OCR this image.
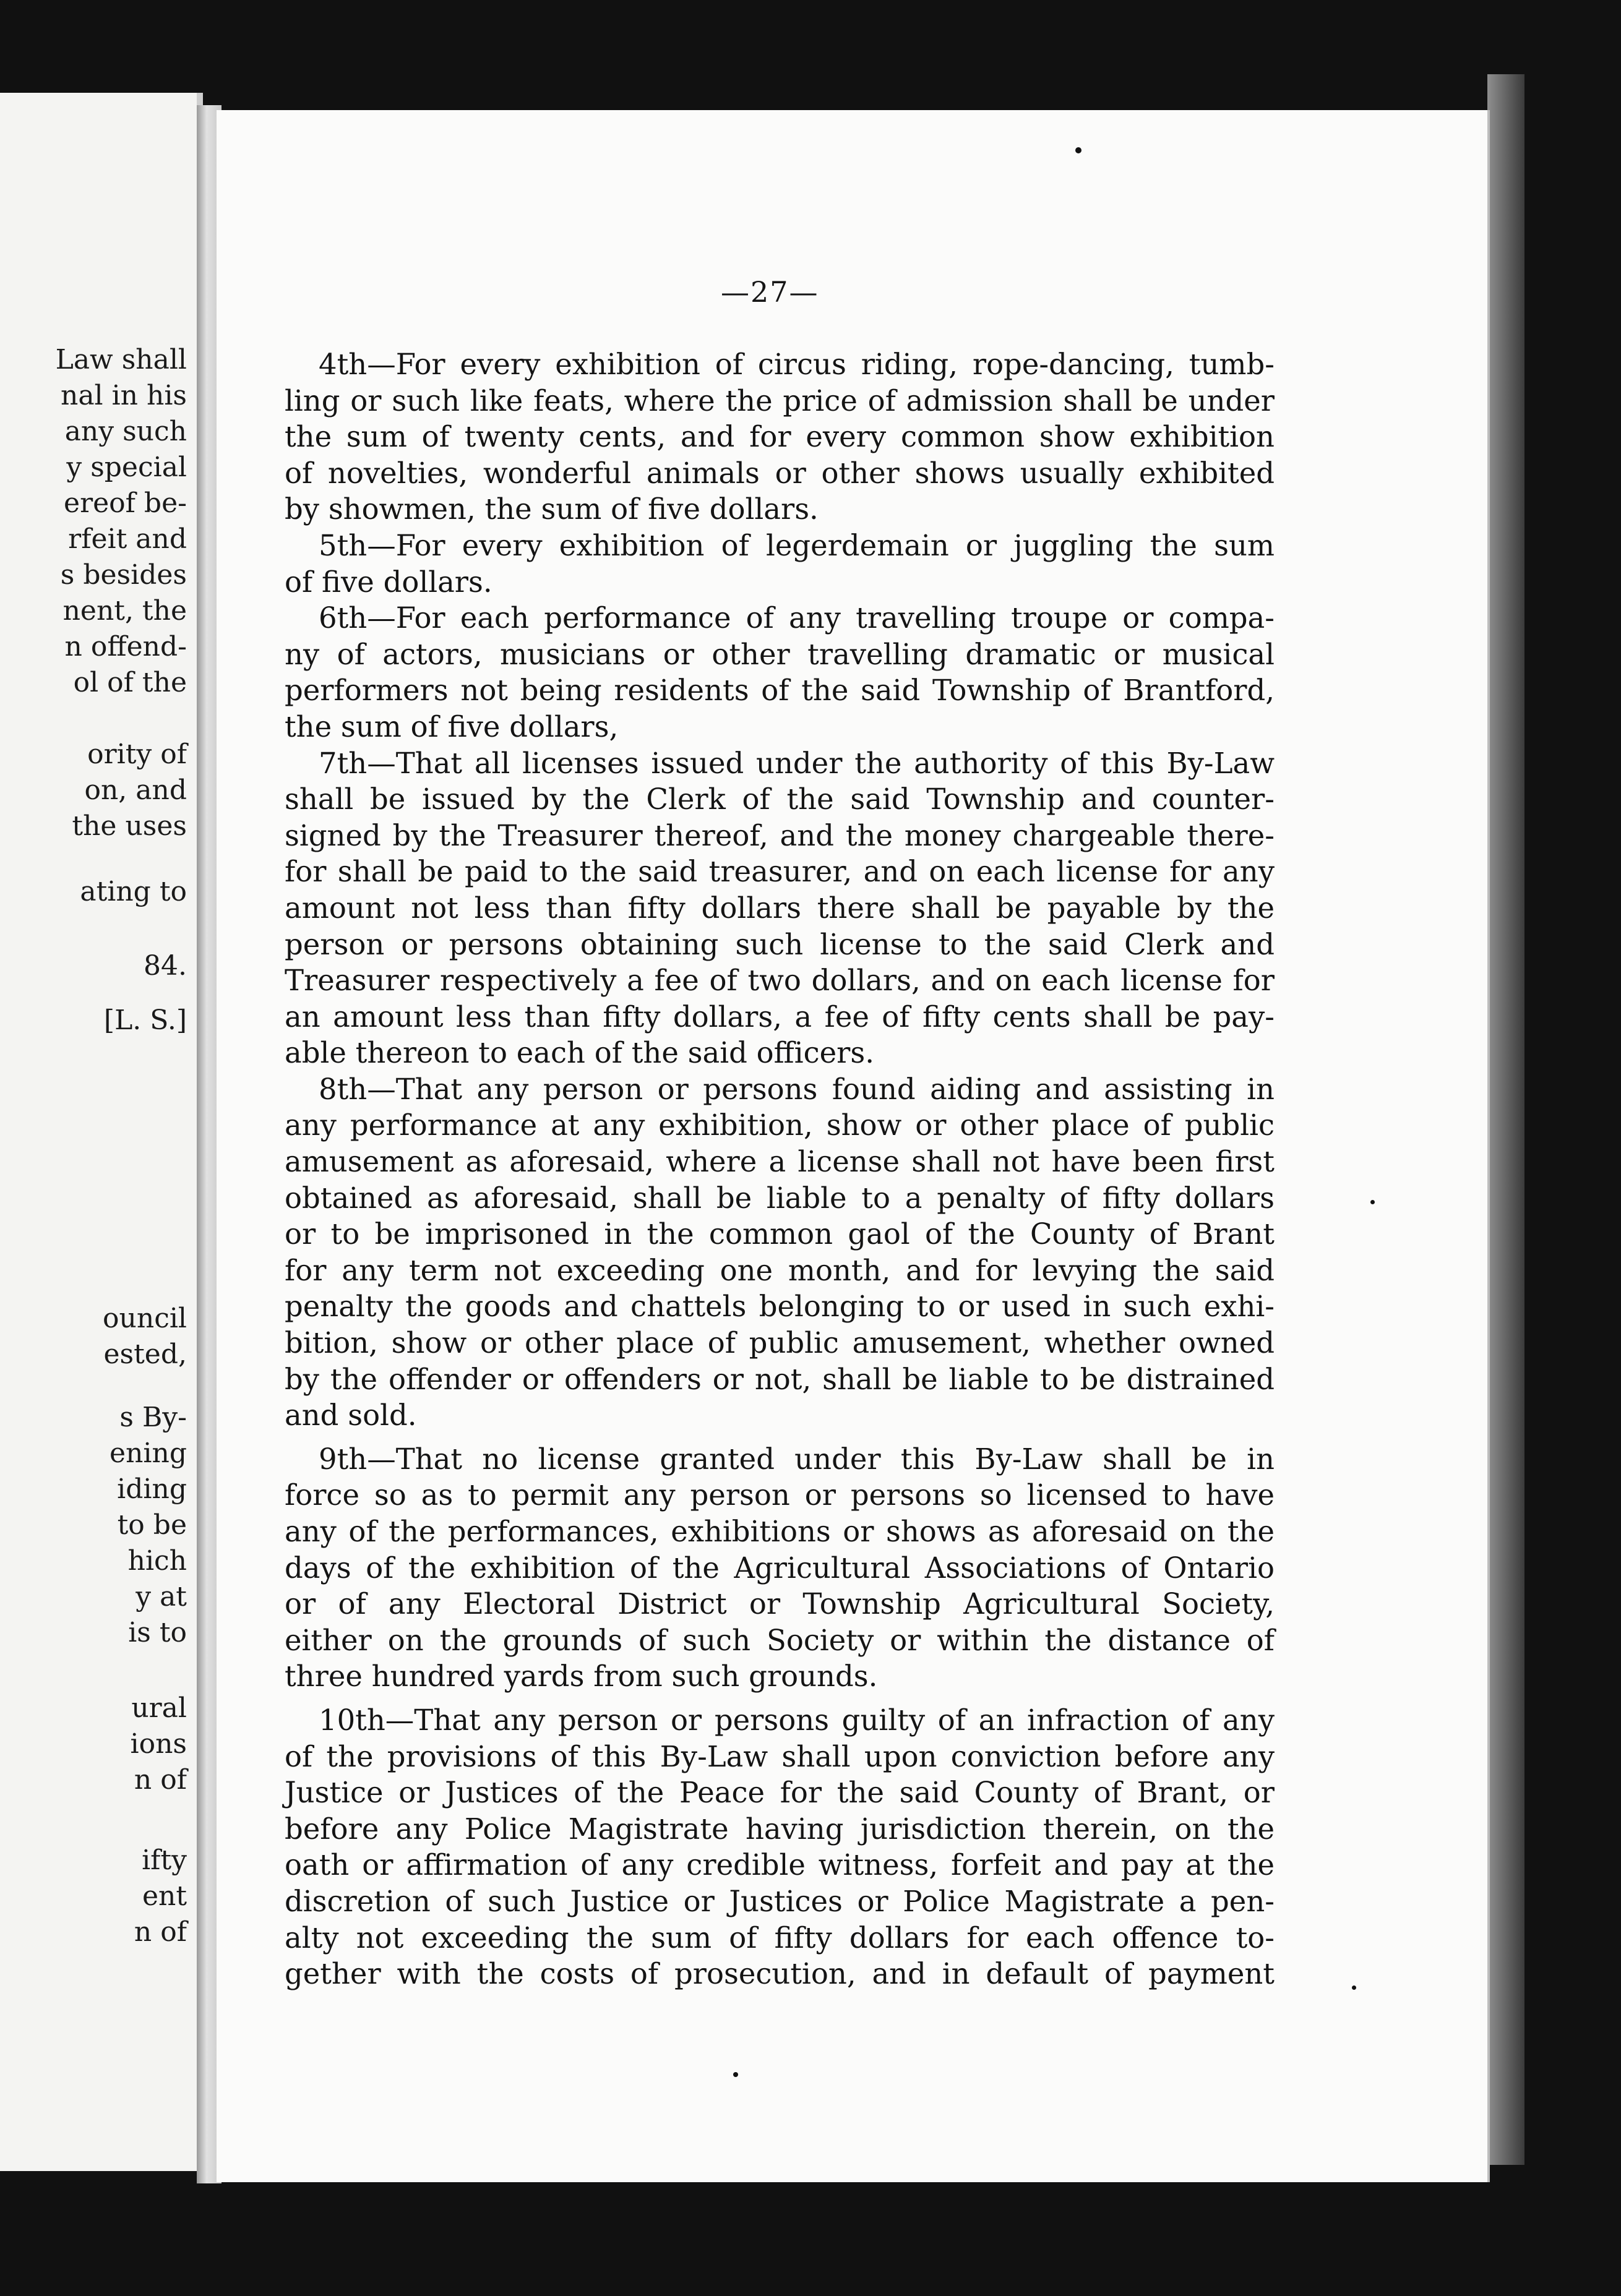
Law shall
nal in his
any such
y special
ereof be-
rfeit and
s besides
nent, the
n offend-
ol of the
ority of
on, and
the uses
ating to
84.
[L. S.]
ouncil
ested,
s By-
ening
iding
to be
hich
y at
is to
ural
ions
n of
ifty
ent
n of
—27—
4th—For every exhibition of circus riding, rope-dancing, tumb-
ling or such like feats, where the price of admission shall be under
the sum of twenty cents, and for every common show exhibition
of novelties, wonderful animals or other shows usually exhibited
by showmen, the sum of five dollars.
5th—For every exhibition of legerdemain or juggling the sum
of five dollars.
6th—For each performance of any travelling troupe or compa-
ny of actors, musicians or other travelling dramatic or musical
performers not being residents of the said Township of Brantford,
the sum of five dollars,
7th—That all licenses issued under the authority of this By-Law
shall be issued by the Clerk of the said Township and counter-
signed by the Treasurer thereof, and the money chargeable there-
for shall be paid to the said treasurer, and on each license for any
amount not less than fifty dollars there shall be payable by the
person or persons obtaining such license to the said Clerk and
Treasurer respectively a fee of two dollars, and on each license for
an amount less than fifty dollars, a fee of fifty cents shall be pay-
able thereon to each of the said officers.
8th—That any person or persons found aiding and assisting in
any performance at any exhibition, show or other place of public
amusement as aforesaid, where a license shall not have been first
obtained as aforesaid, shall be liable to a penalty of fifty dollars
or to be imprisoned in the common gaol of the County of Brant
for any term not exceeding one month, and for levying the said
penalty the goods and chattels belonging to or used in such exhi-
bition, show or other place of public amusement, whether owned
by the offender or offenders or not, shall be liable to be distrained
and sold.
9th—That no license granted under this By-Law shall be in
force so as to permit any person or persons so licensed to have
any of the performances, exhibitions or shows as aforesaid on the
days of the exhibition of the Agricultural Associations of Ontario
or of any Electoral District or Township Agricultural Society,
either on the grounds of such Society or within the distance of
three hundred yards from such grounds.
10th—That any person or persons guilty of an infraction of any
of the provisions of this By-Law shall upon conviction before any
Justice or Justices of the Peace for the said County of Brant, or
before any Police Magistrate having jurisdiction therein, on the
oath or affirmation of any credible witness, forfeit and pay at the
discretion of such Justice or Justices or Police Magistrate a pen-
alty not exceeding the sum of fifty dollars for each offence to-
gether with the costs of prosecution, and in default of payment
